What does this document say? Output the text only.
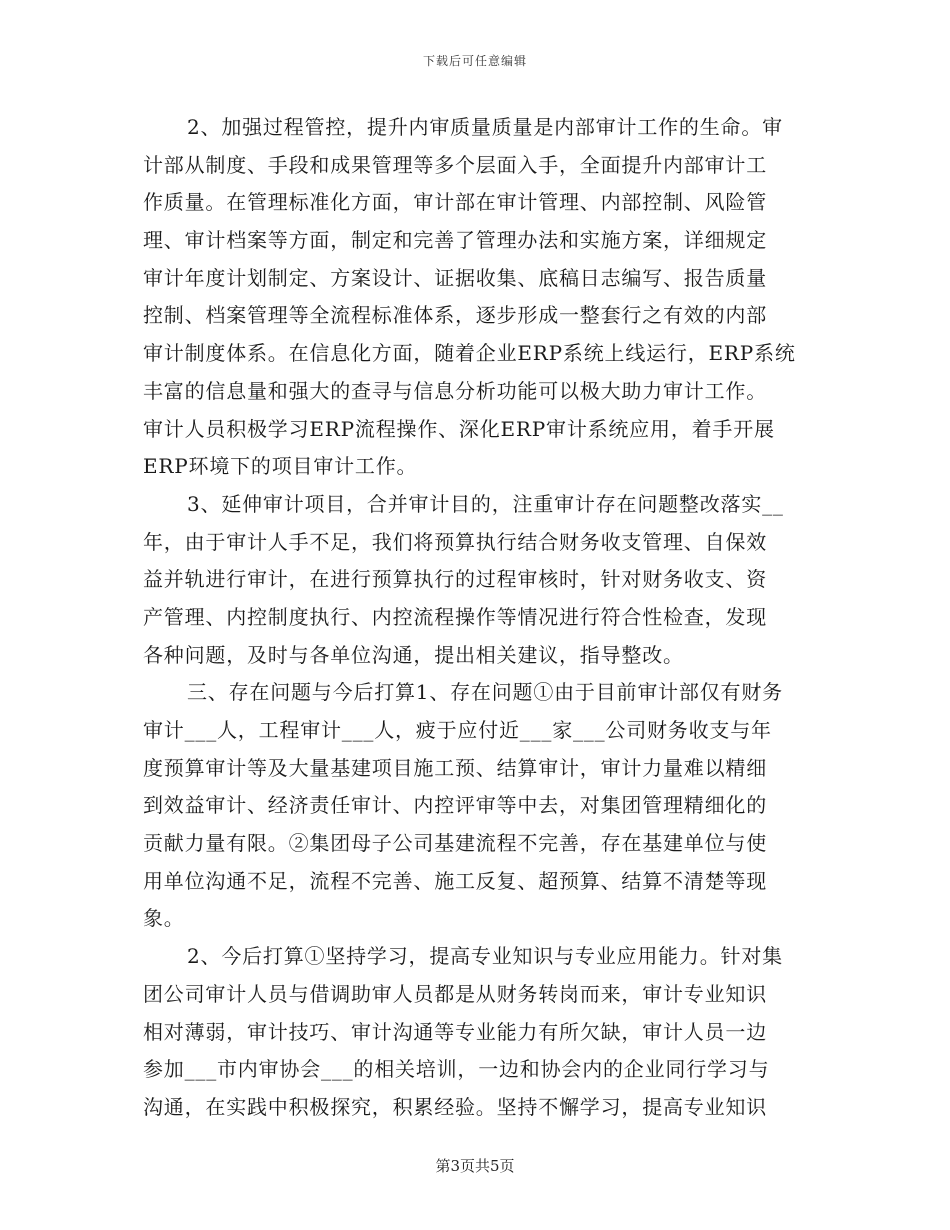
下载后可任意编辑
2、加强过程管控，提升内审质量质量是内部审计工作的生命。审
计部从制度、手段和成果管理等多个层面入手，全面提升内部审计工
作质量。在管理标准化方面，审计部在审计管理、内部控制、风险管
理、审计档案等方面，制定和完善了管理办法和实施方案，详细规定
审计年度计划制定、方案设计、证据收集、底稿日志编写、报告质量
控制、档案管理等全流程标准体系，逐步形成一整套行之有效的内部
审计制度体系。在信息化方面，随着企业ERP系统上线运行，ERP系统
丰富的信息量和强大的查寻与信息分析功能可以极大助力审计工作。
审计人员积极学习ERP流程操作、深化ERP审计系统应用，着手开展
ERP环境下的项目审计工作。
3、延伸审计项目，合并审计目的，注重审计存在问题整改落实__
年，由于审计人手不足，我们将预算执行结合财务收支管理、自保效
益并轨进行审计，在进行预算执行的过程审核时，针对财务收支、资
产管理、内控制度执行、内控流程操作等情况进行符合性检查，发现
各种问题，及时与各单位沟通，提出相关建议，指导整改。
三、存在问题与今后打算1、存在问题①由于目前审计部仅有财务
审计___人，工程审计___人，疲于应付近___家___公司财务收支与年
度预算审计等及大量基建项目施工预、结算审计，审计力量难以精细
到效益审计、经济责任审计、内控评审等中去，对集团管理精细化的
贡献力量有限。②集团母子公司基建流程不完善，存在基建单位与使
用单位沟通不足，流程不完善、施工反复、超预算、结算不清楚等现
象。
2、今后打算①坚持学习，提高专业知识与专业应用能力。针对集
团公司审计人员与借调助审人员都是从财务转岗而来，审计专业知识
相对薄弱，审计技巧、审计沟通等专业能力有所欠缺，审计人员一边
参加___市内审协会___的相关培训，一边和协会内的企业同行学习与
沟通，在实践中积极探究，积累经验。坚持不懈学习，提高专业知识
第3页共5页
